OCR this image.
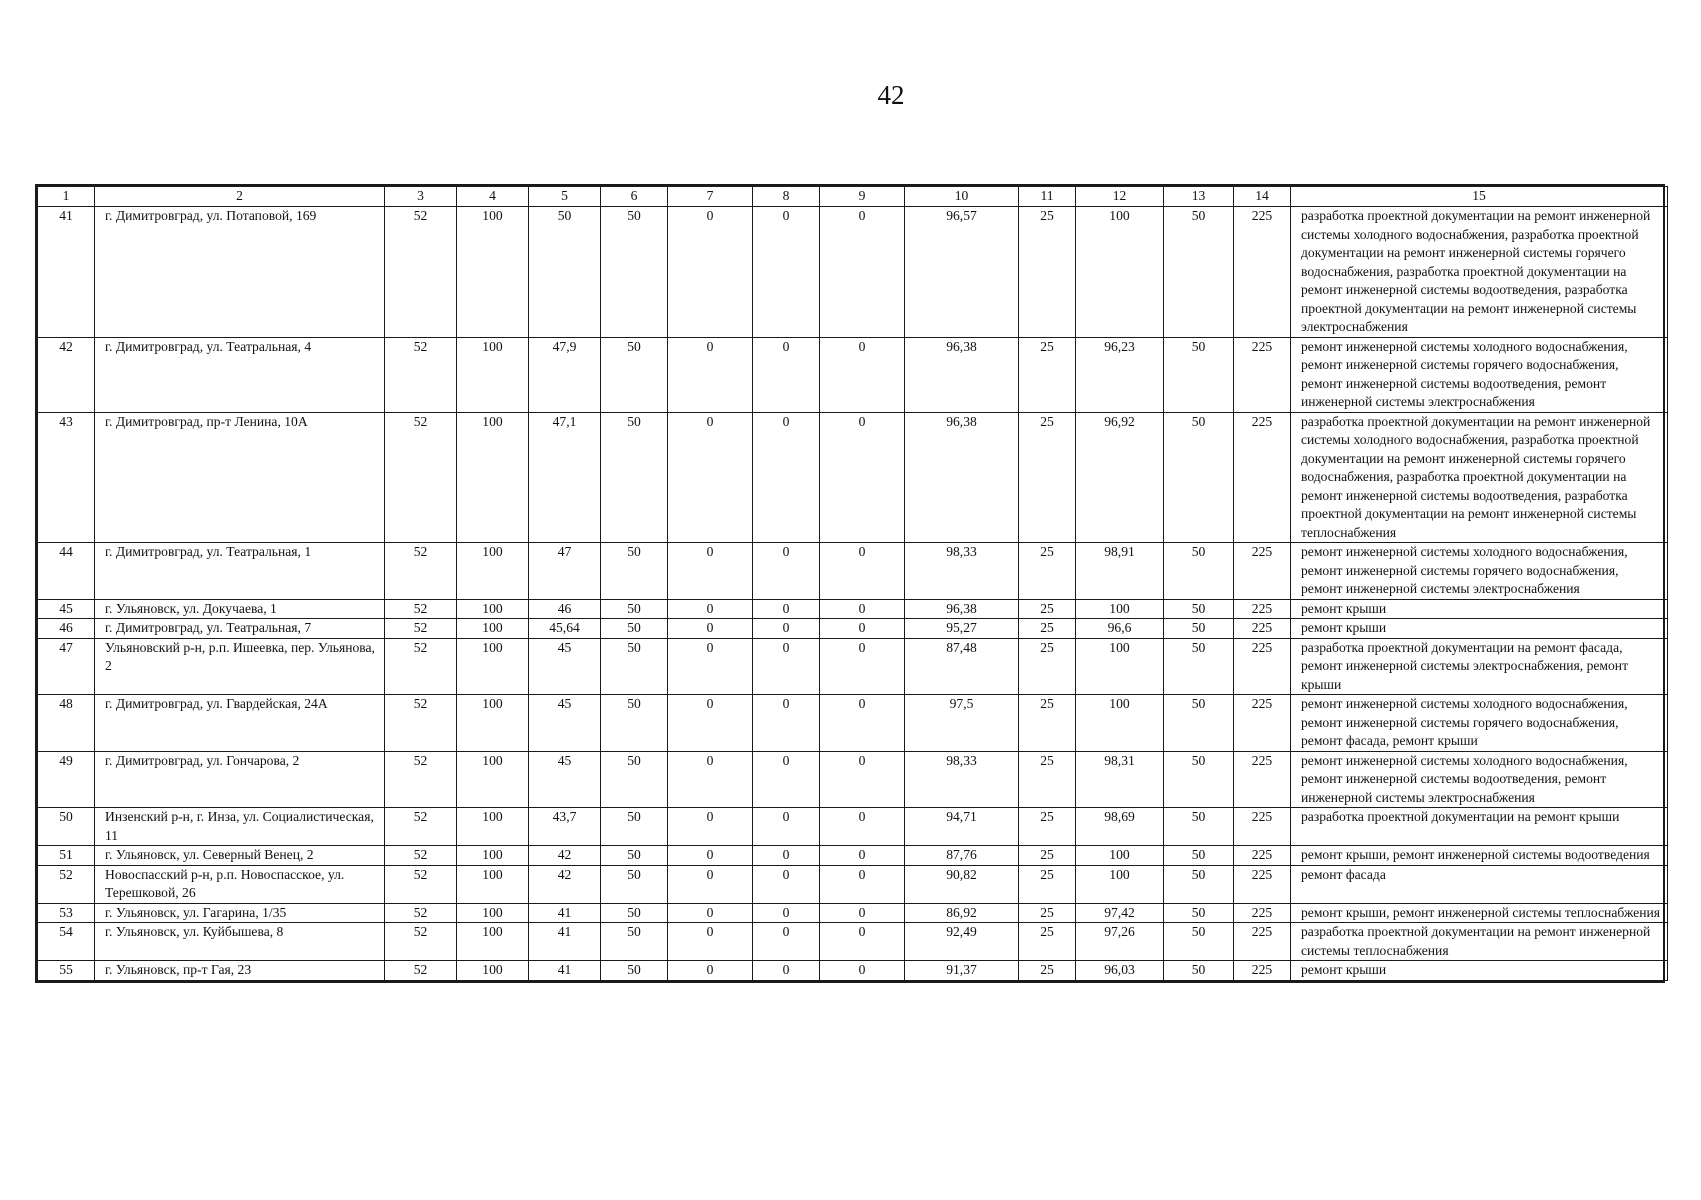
42
1	2	3	4	5	6	7	8	9	10	11	12	13	14	15
41	г. Димитровград, ул. Потаповой, 169	52	100	50	50	0	0	0	96,57	25	100	50	225	разработка проектной документации на ремонт инженерной системы холодного водоснабжения, разработка проектной документации на ремонт инженерной системы горячего водоснабжения, разработка проектной документации на ремонт инженерной системы водоотведения, разработка проектной документации на ремонт инженерной системы электроснабжения
42	г. Димитровград, ул. Театральная, 4	52	100	47,9	50	0	0	0	96,38	25	96,23	50	225	ремонт инженерной системы холодного водоснабжения, ремонт инженерной системы горячего водоснабжения, ремонт инженерной системы водоотведения, ремонт инженерной системы электроснабжения
43	г. Димитровград, пр-т Ленина, 10А	52	100	47,1	50	0	0	0	96,38	25	96,92	50	225	разработка проектной документации на ремонт инженерной системы холодного водоснабжения, разработка проектной документации на ремонт инженерной системы горячего водоснабжения, разработка проектной документации на ремонт инженерной системы водоотведения, разработка проектной документации на ремонт инженерной системы теплоснабжения
44	г. Димитровград, ул. Театральная, 1	52	100	47	50	0	0	0	98,33	25	98,91	50	225	ремонт инженерной системы холодного водоснабжения, ремонт инженерной системы горячего водоснабжения, ремонт инженерной системы электроснабжения
45	г. Ульяновск, ул. Докучаева, 1	52	100	46	50	0	0	0	96,38	25	100	50	225	ремонт крыши
46	г. Димитровград, ул. Театральная, 7	52	100	45,64	50	0	0	0	95,27	25	96,6	50	225	ремонт крыши
47	Ульяновский р-н, р.п. Ишеевка, пер. Ульянова, 2	52	100	45	50	0	0	0	87,48	25	100	50	225	разработка проектной документации на ремонт фасада, ремонт инженерной системы электроснабжения, ремонт крыши
48	г. Димитровград, ул. Гвардейская, 24А	52	100	45	50	0	0	0	97,5	25	100	50	225	ремонт инженерной системы холодного водоснабжения, ремонт инженерной системы горячего водоснабжения, ремонт фасада, ремонт крыши
49	г. Димитровград, ул. Гончарова, 2	52	100	45	50	0	0	0	98,33	25	98,31	50	225	ремонт инженерной системы холодного водоснабжения, ремонт инженерной системы водоотведения, ремонт инженерной системы электроснабжения
50	Инзенский р-н, г. Инза, ул. Социалистическая, 11	52	100	43,7	50	0	0	0	94,71	25	98,69	50	225	разработка проектной документации на ремонт крыши
51	г. Ульяновск, ул. Северный Венец, 2	52	100	42	50	0	0	0	87,76	25	100	50	225	ремонт крыши, ремонт инженерной системы водоотведения
52	Новоспасский р-н, р.п. Новоспасское, ул. Терешковой, 26	52	100	42	50	0	0	0	90,82	25	100	50	225	ремонт фасада
53	г. Ульяновск, ул. Гагарина, 1/35	52	100	41	50	0	0	0	86,92	25	97,42	50	225	ремонт крыши, ремонт инженерной системы теплоснабжения
54	г. Ульяновск, ул. Куйбышева, 8	52	100	41	50	0	0	0	92,49	25	97,26	50	225	разработка проектной документации на ремонт инженерной системы теплоснабжения
55	г. Ульяновск, пр-т Гая, 23	52	100	41	50	0	0	0	91,37	25	96,03	50	225	ремонт крыши
